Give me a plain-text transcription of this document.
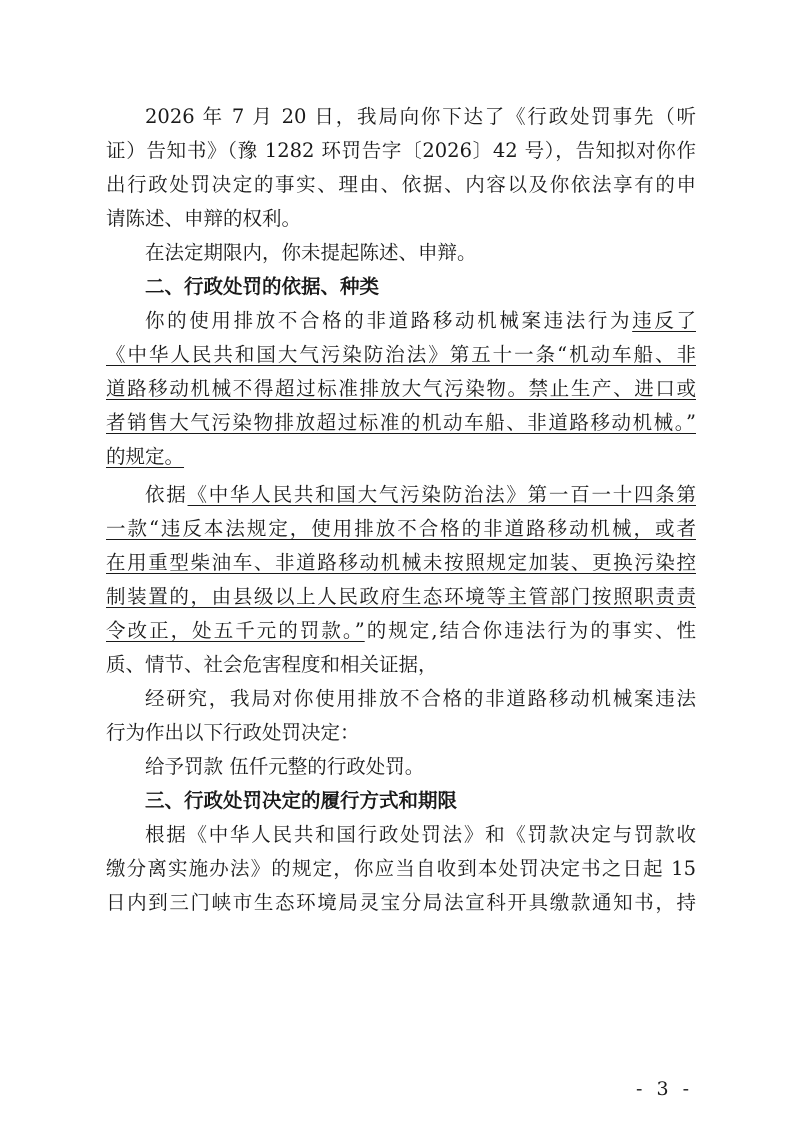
2026 年 7 月 20 日，我局向你下达了《行政处罚事先（听
证）告知书》（豫 1282 环罚告字〔2026〕42 号），告知拟对你作
出行政处罚决定的事实、理由、依据、内容以及你依法享有的申
请陈述、申辩的权利。
在法定期限内，你未提起陈述、申辩。
二、行政处罚的依据、种类
你的使用排放不合格的非道路移动机械案违法行为违反了
《中华人民共和国大气污染防治法》第五十一条“机动车船、非
道路移动机械不得超过标准排放大气污染物。禁止生产、进口或
者销售大气污染物排放超过标准的机动车船、非道路移动机械。”
的规定。
依据《中华人民共和国大气污染防治法》第一百一十四条第
一款“违反本法规定，使用排放不合格的非道路移动机械，或者
在用重型柴油车、非道路移动机械未按照规定加装、更换污染控
制装置的，由县级以上人民政府生态环境等主管部门按照职责责
令改正，处五千元的罚款。”的规定,结合你违法行为的事实、性
质、情节、社会危害程度和相关证据，
经研究，我局对你使用排放不合格的非道路移动机械案违法
行为作出以下行政处罚决定：
给予罚款 伍仟元整的行政处罚。
三、行政处罚决定的履行方式和期限
根据《中华人民共和国行政处罚法》和《罚款决定与罚款收
缴分离实施办法》的规定，你应当自收到本处罚决定书之日起 15
日内到三门峡市生态环境局灵宝分局法宣科开具缴款通知书，持
- 3 -
